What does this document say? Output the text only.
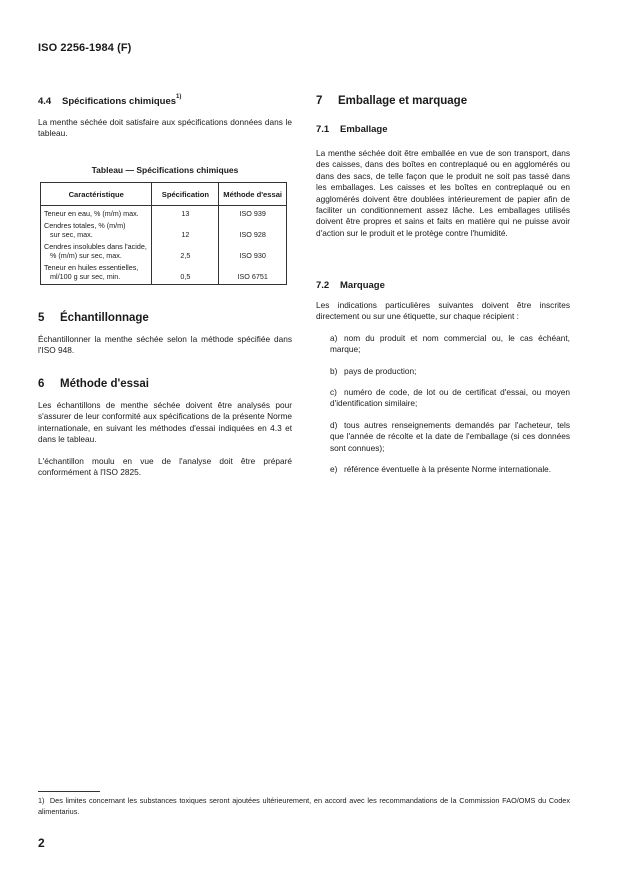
ISO 2256-1984 (F)
4.4 Spécifications chimiques$^{1)}$
La menthe séchée doit satisfaire aux spécifications données dans le tableau.
Tableau — Spécifications chimiques
Caractéristique	Spécification	Méthode d'essai

Teneur en eau, % (m/m) max.	13	ISO 939

Cendres totales, % (m/m)
sur sec, max.	12	ISO 928

Cendres insolubles dans l'acide,
% (m/m) sur sec, max.	2,5	ISO 930

Teneur en huiles essentielles,
ml/100 g sur sec, min.	0,5	ISO 6751
5 Échantillonnage
Échantillonner la menthe séchée selon la méthode spécifiée dans l'ISO 948.
6 Méthode d'essai
Les échantillons de menthe séchée doivent être analysés pour s'assurer de leur conformité aux spécifications de la présente Norme internationale, en suivant les méthodes d'essai indiquées en 4.3 et dans le tableau.
L'échantillon moulu en vue de l'analyse doit être préparé conformément à l'ISO 2825.
7 Emballage et marquage
7.1 Emballage
La menthe séchée doit être emballée en vue de son transport, dans des caisses, dans des boîtes en contreplaqué ou en agglomérés ou dans des sacs, de telle façon que le produit ne soit pas tassé dans les emballages. Les caisses et les boîtes en contreplaqué ou en agglomérés doivent être doublées intérieurement de papier afin de faciliter un conditionnement assez lâche. Les emballages utilisés doivent être propres et sains et faits en matière qui ne puisse avoir d'action sur le produit et le protège contre l'humidité.
7.2 Marquage
Les indications particulières suivantes doivent être inscrites directement ou sur une étiquette, sur chaque récipient :
a) nom du produit et nom commercial ou, le cas échéant, marque;
b) pays de production;
c) numéro de code, de lot ou de certificat d'essai, ou moyen d'identification similaire;
d) tous autres renseignements demandés par l'acheteur, tels que l'année de récolte et la date de l'emballage (si ces données sont connues);
e) référence éventuelle à la présente Norme internationale.
1) Des limites concernant les substances toxiques seront ajoutées ultérieurement, en accord avec les recommandations de la Commission FAO/OMS du Codex alimentarius.
2
